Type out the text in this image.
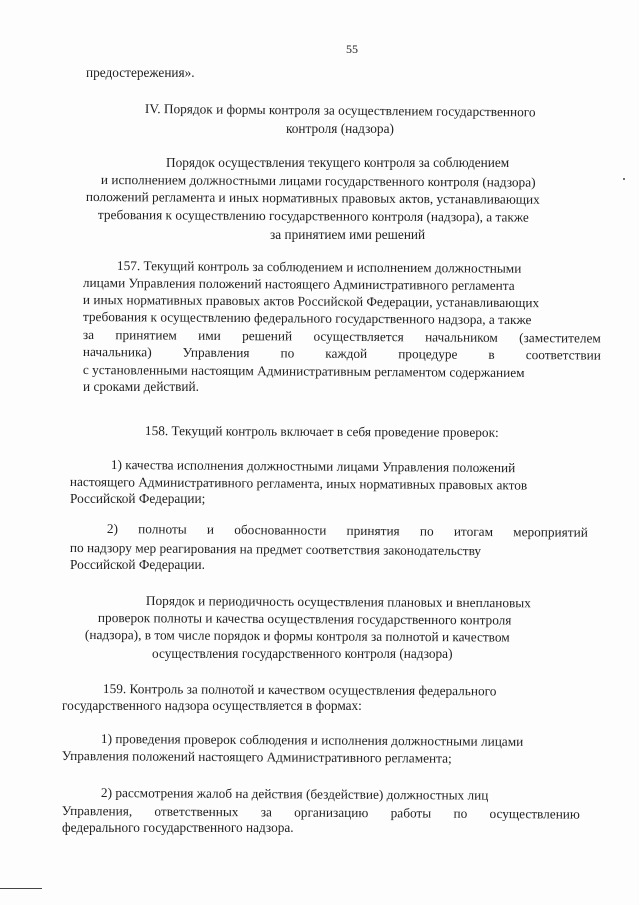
55
предостережения».
IV. Порядок и формы контроля за осуществлением государственного
контроля (надзора)
Порядок осуществления текущего контроля за соблюдением
и исполнением должностными лицами государственного контроля (надзора)
положений регламента и иных нормативных правовых актов, устанавливающих
требования к осуществлению государственного контроля (надзора), а также
за принятием ими решений
157. Текущий контроль за соблюдением и исполнением должностными
лицами Управления положений настоящего Административного регламента
и иных нормативных правовых актов Российской Федерации, устанавливающих
требования к осуществлению федерального государственного надзора, а также
за принятием ими решений осуществляется начальником (заместителем
начальника) Управления по каждой процедуре в соответствии
с установленными настоящим Административным регламентом содержанием
и сроками действий.
158. Текущий контроль включает в себя проведение проверок:
1) качества исполнения должностными лицами Управления положений
настоящего Административного регламента, иных нормативных правовых актов
Российской Федерации;
2) полноты и обоснованности принятия по итогам мероприятий
по надзору мер реагирования на предмет соответствия законодательству
Российской Федерации.
Порядок и периодичность осуществления плановых и внеплановых
проверок полноты и качества осуществления государственного контроля
(надзора), в том числе порядок и формы контроля за полнотой и качеством
осуществления государственного контроля (надзора)
159. Контроль за полнотой и качеством осуществления федерального
государственного надзора осуществляется в формах:
1) проведения проверок соблюдения и исполнения должностными лицами
Управления положений настоящего Административного регламента;
2) рассмотрения жалоб на действия (бездействие) должностных лиц
Управления, ответственных за организацию работы по осуществлению
федерального государственного надзора.
